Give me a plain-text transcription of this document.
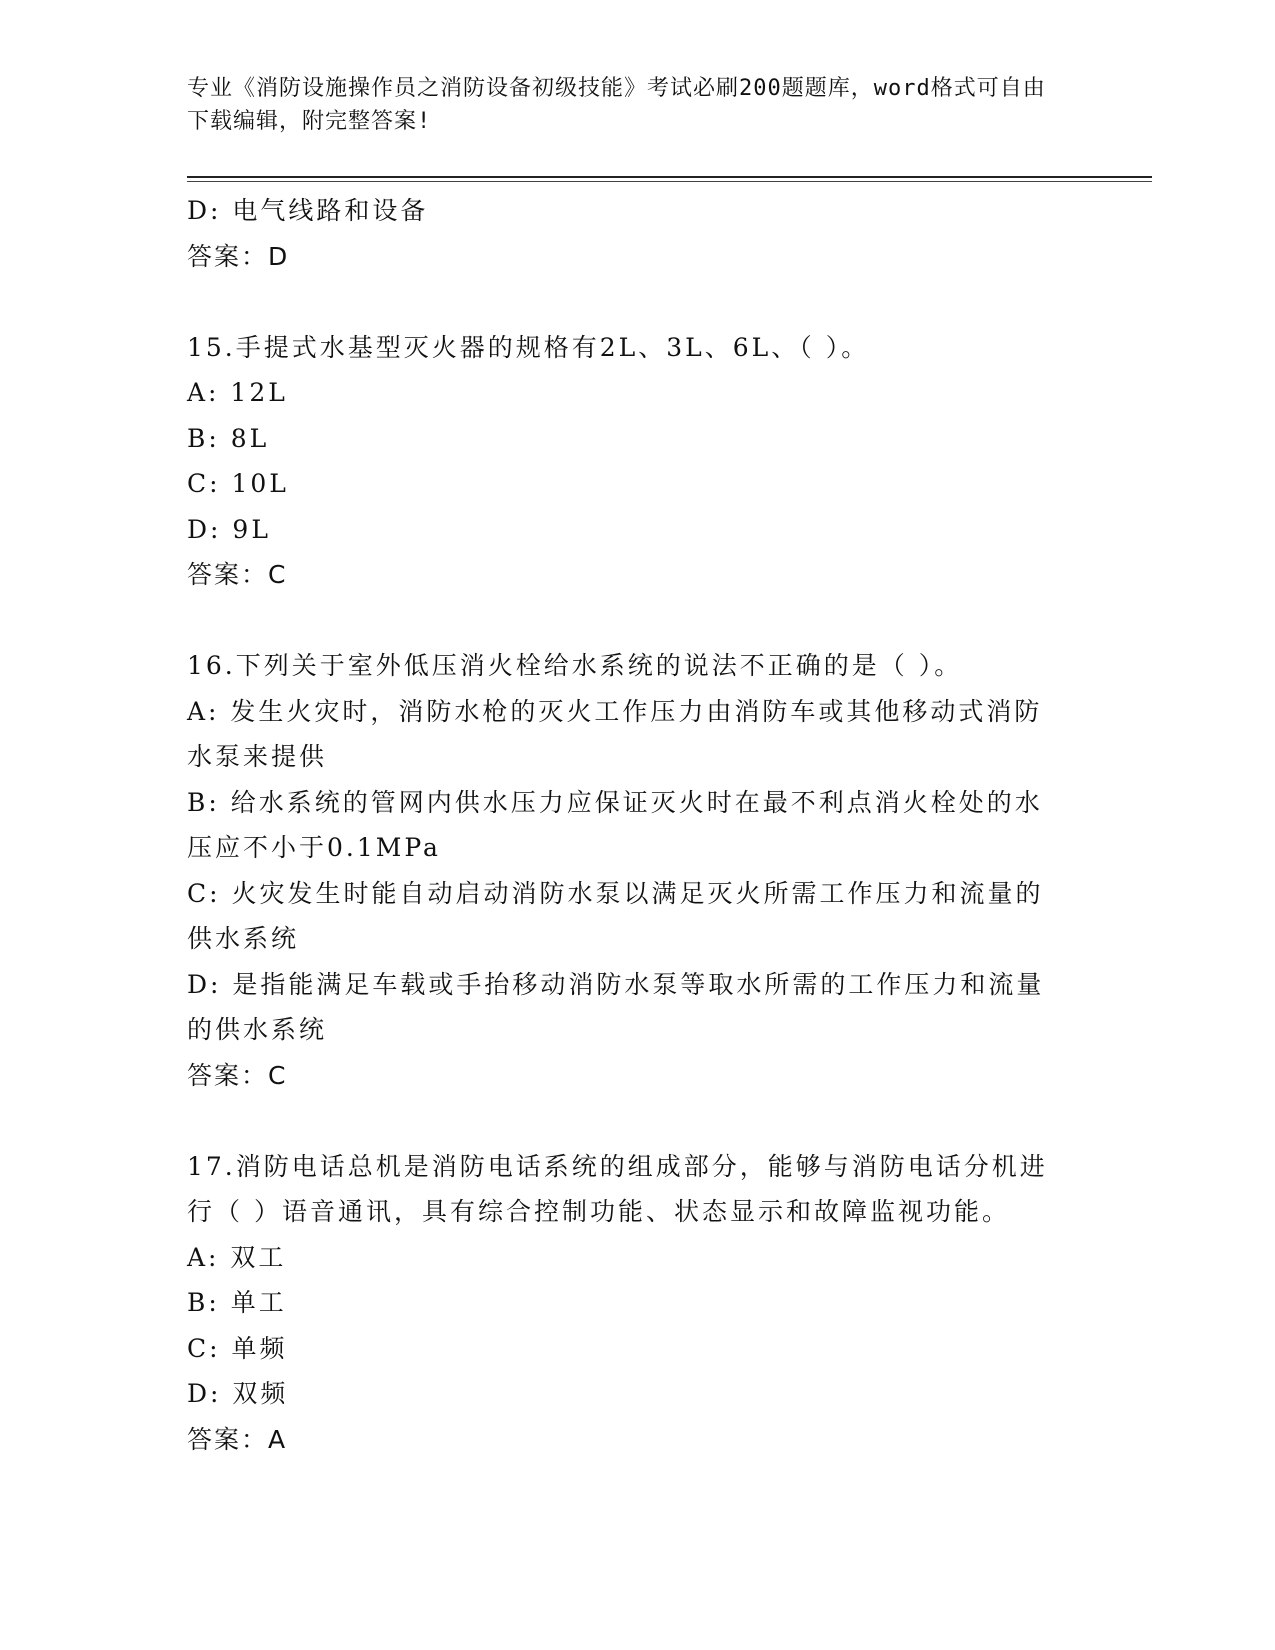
专业《消防设施操作员之消防设备初级技能》考试必刷200题题库，word格式可自由下载编辑，附完整答案!

D: 电气线路和设备

答案：D

15.手提式水基型灭火器的规格有2L、3L、6L、（ ）。

A: 12L

B: 8L

C: 10L

D: 9L

答案：C

16.下列关于室外低压消火栓给水系统的说法不正确的是（ ）。

A: 发生火灾时，消防水枪的灭火工作压力由消防车或其他移动式消防

水泵来提供

B: 给水系统的管网内供水压力应保证灭火时在最不利点消火栓处的水

压应不小于0.1MPa

C: 火灾发生时能自动启动消防水泵以满足灭火所需工作压力和流量的

供水系统

D: 是指能满足车载或手抬移动消防水泵等取水所需的工作压力和流量

的供水系统

答案：C

17.消防电话总机是消防电话系统的组成部分，能够与消防电话分机进

行（ ）语音通讯，具有综合控制功能、状态显示和故障监视功能。

A: 双工

B: 单工

C: 单频

D: 双频

答案：A
